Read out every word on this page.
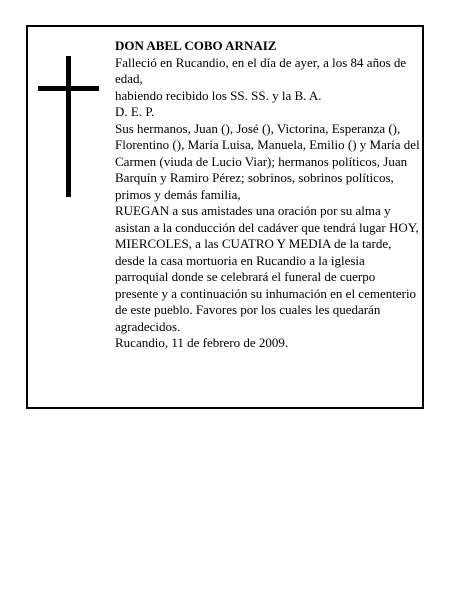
DON ABEL COBO ARNAIZ

Falleció en Rucandio, en el día de ayer, a los 84 años de edad,

habiendo recibido los SS. SS. y la B. A.

D. E. P.

Sus hermanos, Juan (), José (), Victorina, Esperanza (), Florentino (), María Luisa, Manuela, Emilio () y María del Carmen (viuda de Lucio Viar); hermanos políticos, Juan Barquín y Ramiro Pérez; sobrinos, sobrinos políticos, primos y demás familia,

RUEGAN a sus amistades una oración por su alma y asistan a la conducción del cadáver que tendrá lugar HOY, MIERCOLES, a las CUATRO Y MEDIA de la tarde, desde la casa mortuoria en Rucandio a la iglesia parroquial donde se celebrará el funeral de cuerpo presente y a continuación su inhumación en el cementerio de este pueblo. Favores por los cuales les quedarán agradecidos.

Rucandio, 11 de febrero de 2009.
